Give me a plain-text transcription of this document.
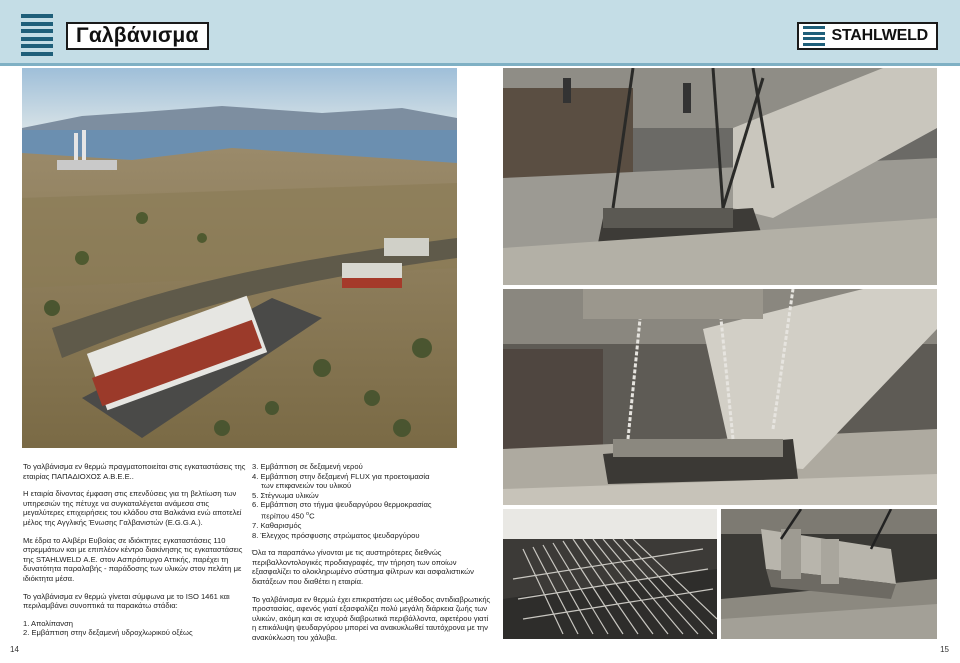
Γαλβάνισμα	STAHLWELD

Το γαλβάνισμα εν θερμώ πραγματοποιείται στις εγκαταστάσεις της εταιρίας ΠΑΠΑΔΙΟΧΟΣ Α.Β.Ε.Ε..

Η εταιρία δίνοντας έμφαση στις επενδύσεις για τη βελτίωση των υπηρεσιών της πέτυχε να συγκαταλέγεται ανάμεσα στις μεγαλύτερες επιχειρήσεις του κλάδου στα Βαλκάνια ενώ αποτελεί μέλος της Αγγλικής Ένωσης Γαλβανιστών (E.G.G.A.).

Με έδρα το Αλιβέρι Ευβοίας σε ιδιόκτητες εγκαταστάσεις 110 στρεμμάτων και με επιπλέον κέντρο διακίνησης τις εγκαταστάσεις της STAHLWELD Α.Ε. στον Ασπρόπυργο Αττικής, παρέχει τη δυνατότητα παραλαβής - παράδοσης των υλικών στον πελάτη με ιδιόκτητα μέσα.

Το γαλβάνισμα εν θερμώ γίνεται σύμφωνα με το ISO 1461 και περιλαμβάνει συνοπτικά τα παρακάτω στάδια:

1. Απολίπανση
2. Εμβάπτιση στην δεξαμενή υδροχλωρικού οξέως

3. Εμβάπτιση σε δεξαμενή νερού
4. Εμβάπτιση στην δεξαμενή FLUX για προετοιμασία
των επιφανειών του υλικού
5. Στέγνωμα υλικών
6. Εμβάπτιση στο τήγμα ψευδαργύρου θερμοκρασίας
περίπου 450 $^o$C
7. Καθαρισμός
8. Έλεγχος πρόσφυσης στρώματος ψευδαργύρου

Όλα τα παραπάνω γίνονται με τις αυστηρότερες διεθνώς περιβαλλοντολογικές προδιαγραφές, την τήρηση των οποίων εξασφαλίζει το ολοκληρωμένο σύστημα φίλτρων και ασφαλιστικών διατάξεων που διαθέτει η εταιρία.

Το γαλβάνισμα εν θερμώ έχει επικρατήσει ως μέθοδος αντιδιαβρωτικής προστασίας, αφενός γιατί εξασφαλίζει πολύ μεγάλη διάρκεια ζωής των υλικών, ακόμη και σε ισχυρά διαβρωτικά περιβάλλοντα, αφετέρου γιατί η επικάλυψη ψευδαργύρου μπορεί να ανακυκλωθεί ταυτόχρονα με την ανακύκλωση του χάλυβα.

14	15
